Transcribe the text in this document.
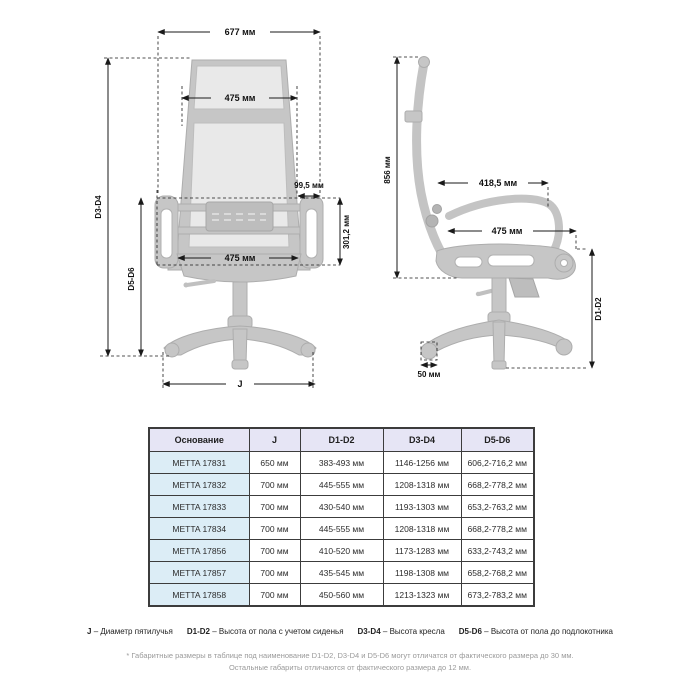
677 мм
475 мм
99,5 мм
301,2 мм
475 мм
D3-D4
D5-D6
J
856 мм	418,5 мм
475 мм
D1-D2
50 мм
Основание	J	D1-D2	D3-D4	D5-D6
METTA 17831	650 мм	383-493 мм	1146-1256 мм	606,2-716,2 мм
METTA 17832	700 мм	445-555 мм	1208-1318 мм	668,2-778,2 мм
METTA 17833	700 мм	430-540 мм	1193-1303 мм	653,2-763,2 мм
METTA 17834	700 мм	445-555 мм	1208-1318 мм	668,2-778,2 мм
METTA 17856	700 мм	410-520 мм	1173-1283 мм	633,2-743,2 мм
METTA 17857	700 мм	435-545 мм	1198-1308 мм	658,2-768,2 мм
METTA 17858	700 мм	450-560 мм	1213-1323 мм	673,2-783,2 мм
J – Диаметр пятилучья D1-D2 – Высота от пола с учетом сиденья D3-D4 – Высота кресла D5-D6 – Высота от пола до подлокотника
* Габаритные размеры в таблице под наименование D1-D2, D3-D4 и D5-D6 могут отличатся от фактического размера до 30 мм.
Остальные габариты отличаются от фактического размера до 12 мм.
